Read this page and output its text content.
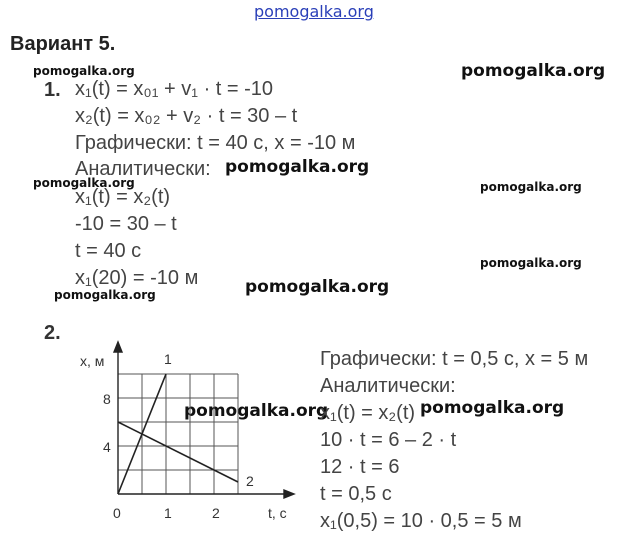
pomogalka.org
Вариант 5.
pomogalka.org	pomogalka.org
pomogalka.org
pomogalka.org	pomogalka.org
pomogalka.org
pomogalka.org
pomogalka.org
pomogalka.org	pomogalka.org
1. x₁(t) = x₀₁ + v₁ · t = -10
x₂(t) = x₀₂ + v₂ · t = 30 – t
Графически: t = 40 с, x = -10 м
Аналитически:
x₁(t) = x₂(t)
-10 = 30 – t
t = 40 с
x₁(20) = -10 м
2.
Графически: t = 0,5 с, x = 5 м
Аналитически:
x₁(t) = x₂(t)
10 · t = 6 – 2 · t
12 · t = 6
t = 0,5 с
x₁(0,5) = 10 · 0,5 = 5 м
x, м
t, с
0	1	2
4
8
1
2
